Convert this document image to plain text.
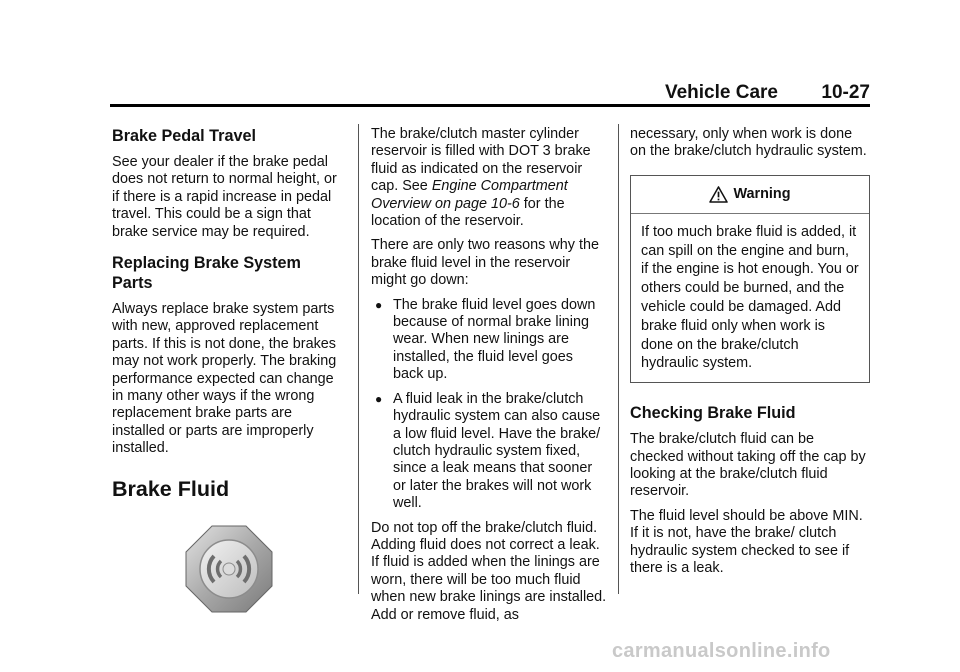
Vehicle Care 10-27
Brake Pedal Travel

See your dealer if the brake pedal does not return to normal height, or if there is a rapid increase in pedal travel. This could be a sign that brake service may be required.

Replacing Brake System Parts

Always replace brake system parts with new, approved replacement parts. If this is not done, the brakes may not work properly. The braking performance expected can change in many other ways if the wrong replacement brake parts are installed or parts are improperly installed.

Brake Fluid

The brake/clutch master cylinder reservoir is filled with DOT 3 brake fluid as indicated on the reservoir cap. See Engine Compartment Overview on page 10-6 for the location of the reservoir.

There are only two reasons why the brake fluid level in the reservoir might go down:

● The brake fluid level goes down because of normal brake lining wear. When new linings are installed, the fluid level goes back up.
● A fluid leak in the brake/clutch hydraulic system can also cause a low fluid level. Have the brake/ clutch hydraulic system fixed, since a leak means that sooner or later the brakes will not work well.

Do not top off the brake/clutch fluid. Adding fluid does not correct a leak. If fluid is added when the linings are worn, there will be too much fluid when new brake linings are installed. Add or remove fluid, as

necessary, only when work is done on the brake/clutch hydraulic system.

Warning
If too much brake fluid is added, it can spill on the engine and burn, if the engine is hot enough. You or others could be burned, and the vehicle could be damaged. Add brake fluid only when work is done on the brake/clutch hydraulic system.
Checking Brake Fluid

The brake/clutch fluid can be checked without taking off the cap by looking at the brake/clutch fluid reservoir.

The fluid level should be above MIN. If it is not, have the brake/ clutch hydraulic system checked to see if there is a leak.

carmanualsonline.info
